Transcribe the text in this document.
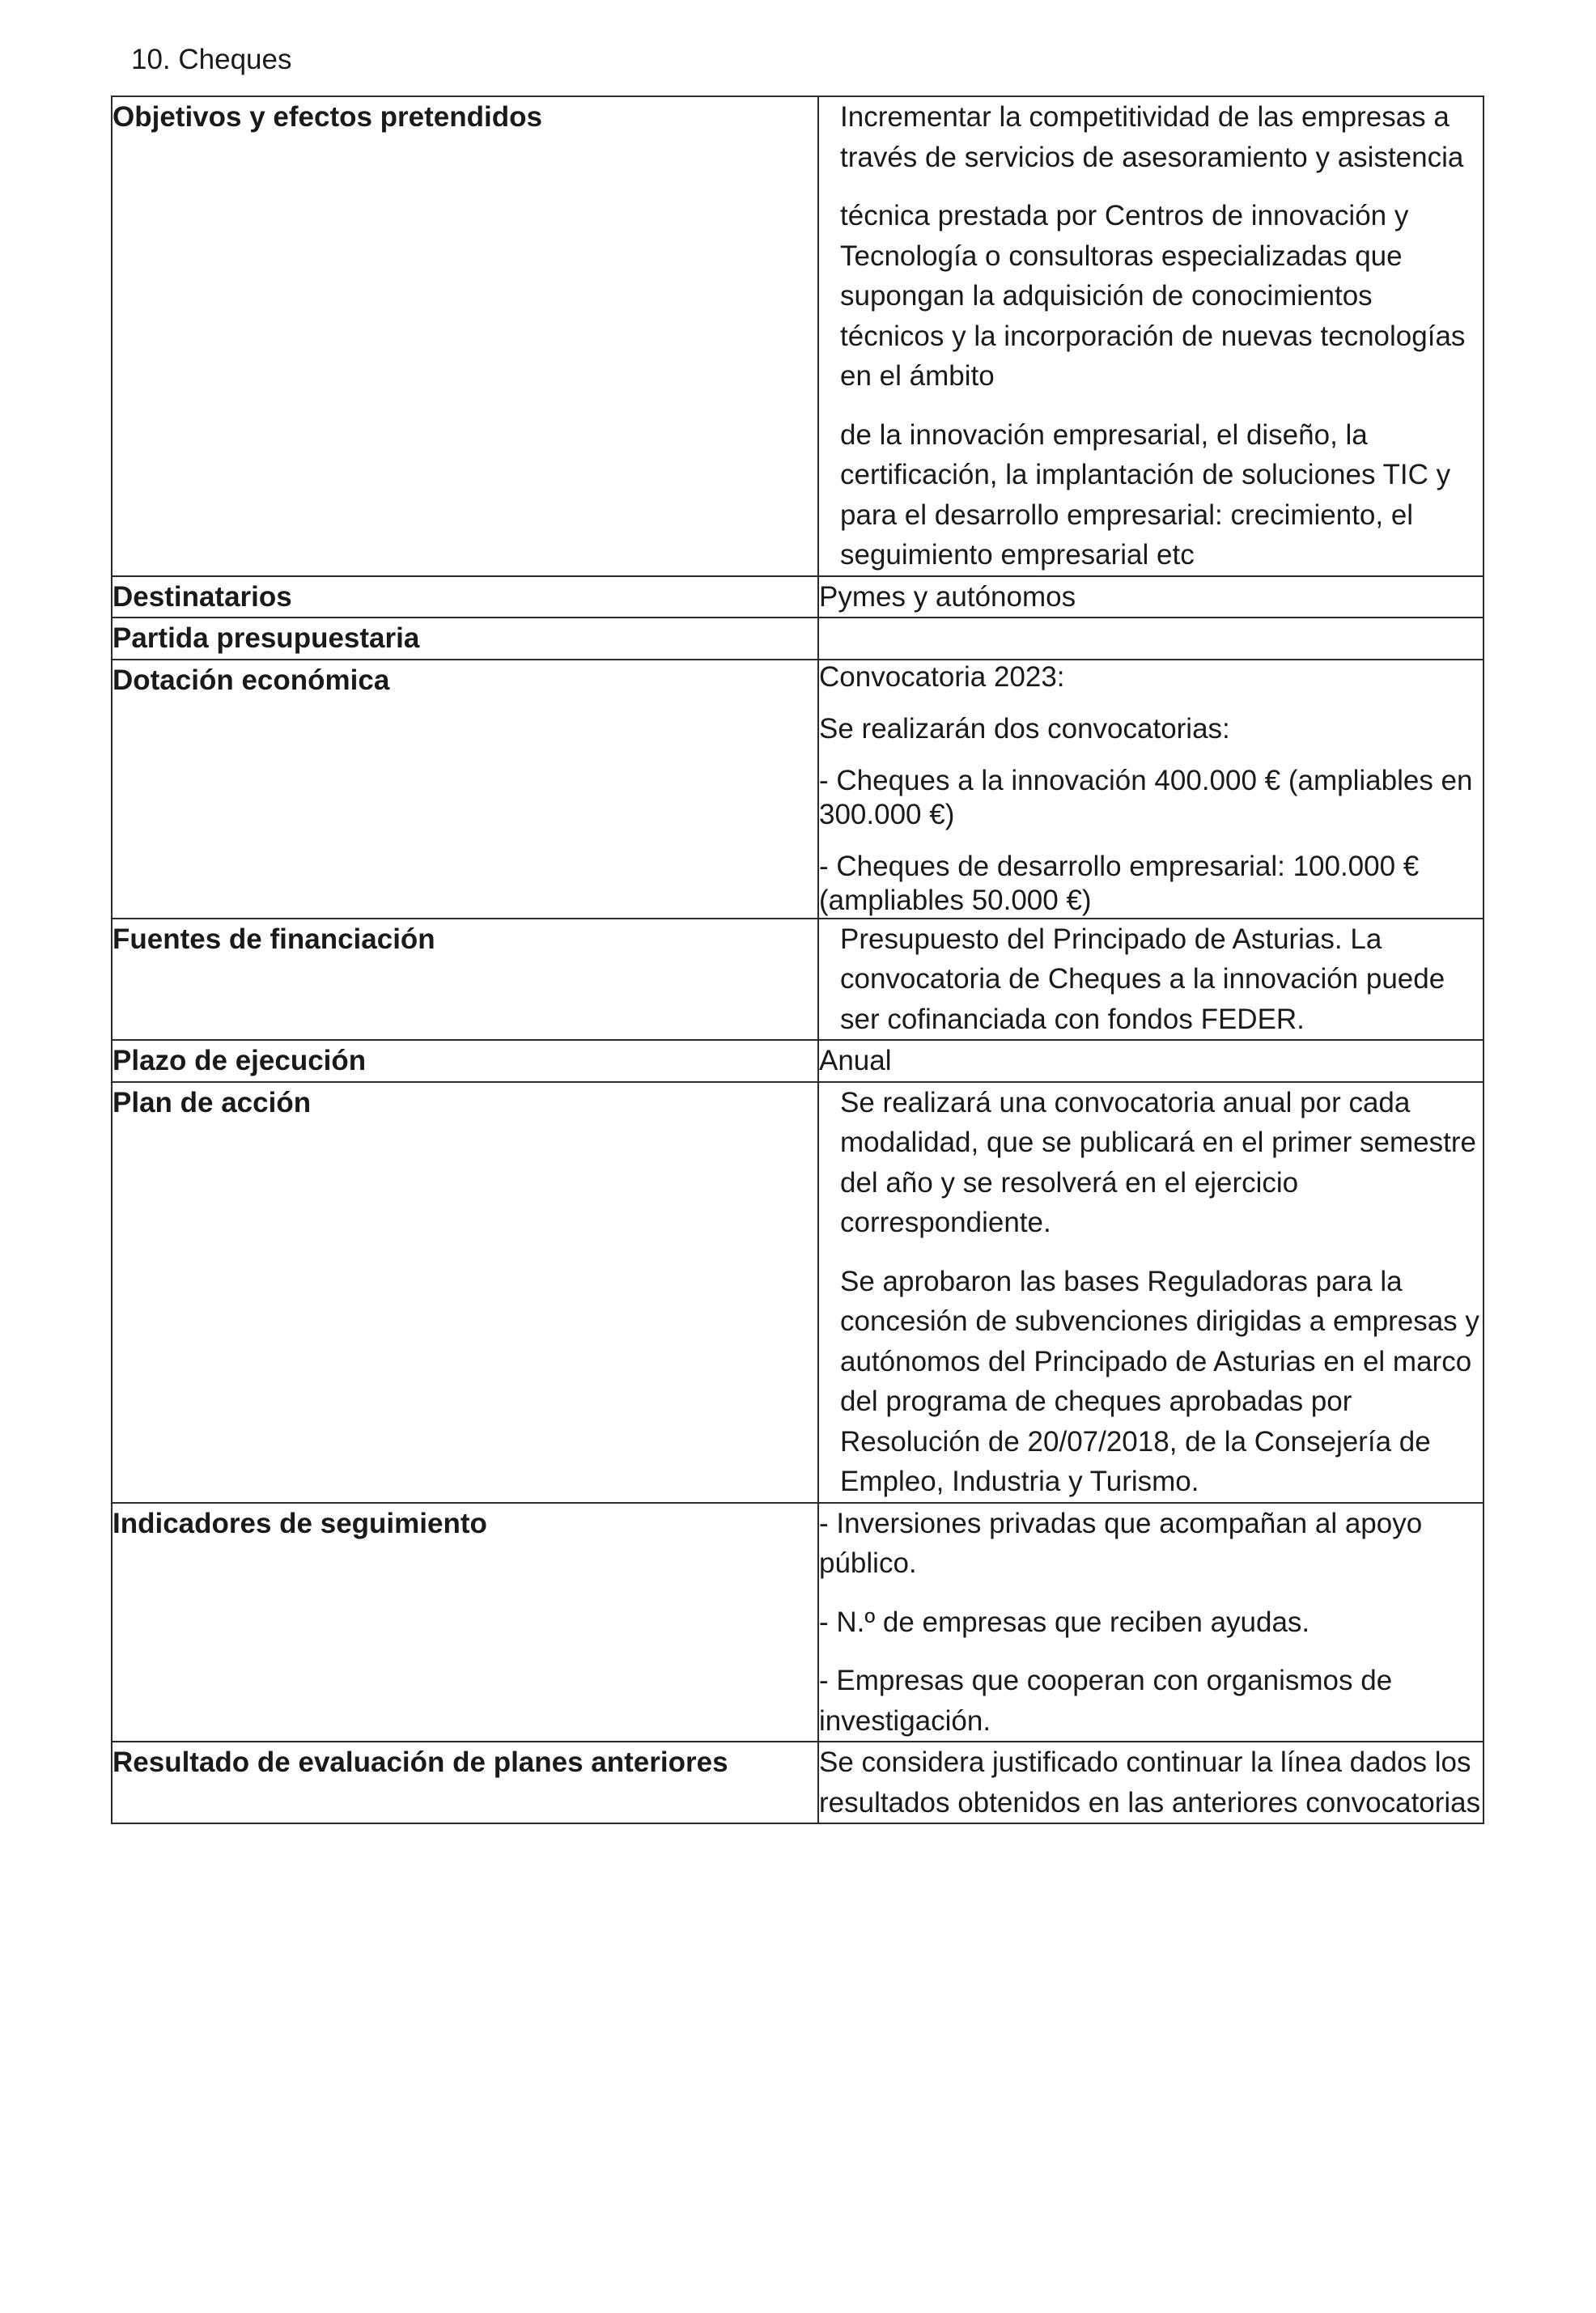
10. Cheques
Objetivos y efectos pretendidos	Incrementar la competitividad de las empresas a través de servicios de asesoramiento y asistencia

técnica prestada por Centros de innovación y Tecnología o consultoras especializadas que supongan la adquisición de conocimientos técnicos y la incorporación de nuevas tecnologías en el ámbito

de la innovación empresarial, el diseño, la certificación, la implantación de soluciones TIC y para el desarrollo empresarial: crecimiento, el seguimiento empresarial etc

Destinatarios	Pymes y autónomos

Partida presupuestaria	
Dotación económica	Convocatoria 2023:

Se realizarán dos convocatorias:

- Cheques a la innovación 400.000 € (ampliables en 300.000 €)

- Cheques de desarrollo empresarial: 100.000 € (ampliables 50.000 €)

Fuentes de financiación	Presupuesto del Principado de Asturias. La convocatoria de Cheques a la innovación puede ser cofinanciada con fondos FEDER.

Plazo de ejecución	Anual

Plan de acción	Se realizará una convocatoria anual por cada modalidad, que se publicará en el primer semestre del año y se resolverá en el ejercicio correspondiente.

Se aprobaron las bases Reguladoras para la concesión de subvenciones dirigidas a empresas y autónomos del Principado de Asturias en el marco del programa de cheques aprobadas por Resolución de 20/07/2018, de la Consejería de Empleo, Industria y Turismo.

Indicadores de seguimiento	- Inversiones privadas que acompañan al apoyo público.

- N.º de empresas que reciben ayudas.

- Empresas que cooperan con organismos de investigación.

Resultado de evaluación de planes anteriores	Se considera justificado continuar la línea dados los resultados obtenidos en las anteriores convocatorias
